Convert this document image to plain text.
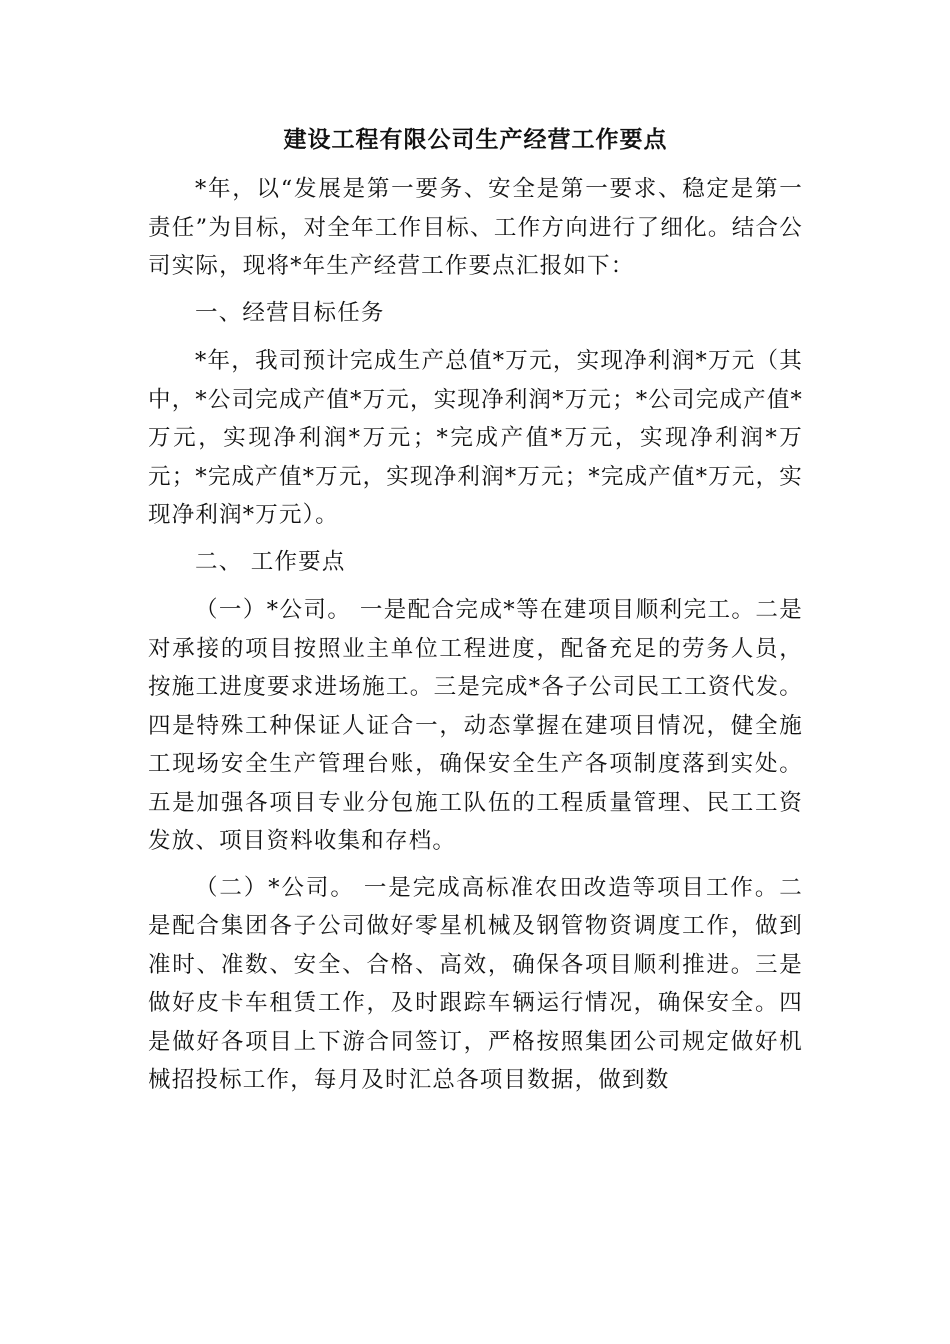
建设工程有限公司生产经营工作要点

*年，以“发展是第一要务、安全是第一要求、稳定是第一责任”为目标，对全年工作目标、工作方向进行了细化。结合公司实际，现将*年生产经营工作要点汇报如下：

一、经营目标任务

*年，我司预计完成生产总值*万元，实现净利润*万元（其中，*公司完成产值*万元，实现净利润*万元；*公司完成产值*万元，实现净利润*万元；*完成产值*万元，实现净利润*万元；*完成产值*万元，实现净利润*万元；*完成产值*万元，实现净利润*万元）。

二、 工作要点

（一）*公司。 一是配合完成*等在建项目顺利完工。二是对承接的项目按照业主单位工程进度，配备充足的劳务人员，按施工进度要求进场施工。三是完成*各子公司民工工资代发。四是特殊工种保证人证合一，动态掌握在建项目情况，健全施工现场安全生产管理台账，确保安全生产各项制度落到实处。五是加强各项目专业分包施工队伍的工程质量管理、民工工资发放、项目资料收集和存档。

（二）*公司。 一是完成高标准农田改造等项目工作。二是配合集团各子公司做好零星机械及钢管物资调度工作，做到准时、准数、安全、合格、高效，确保各项目顺利推进。三是做好皮卡车租赁工作，及时跟踪车辆运行情况，确保安全。四是做好各项目上下游合同签订，严格按照集团公司规定做好机械招投标工作，每月及时汇总各项目数据，做到数
